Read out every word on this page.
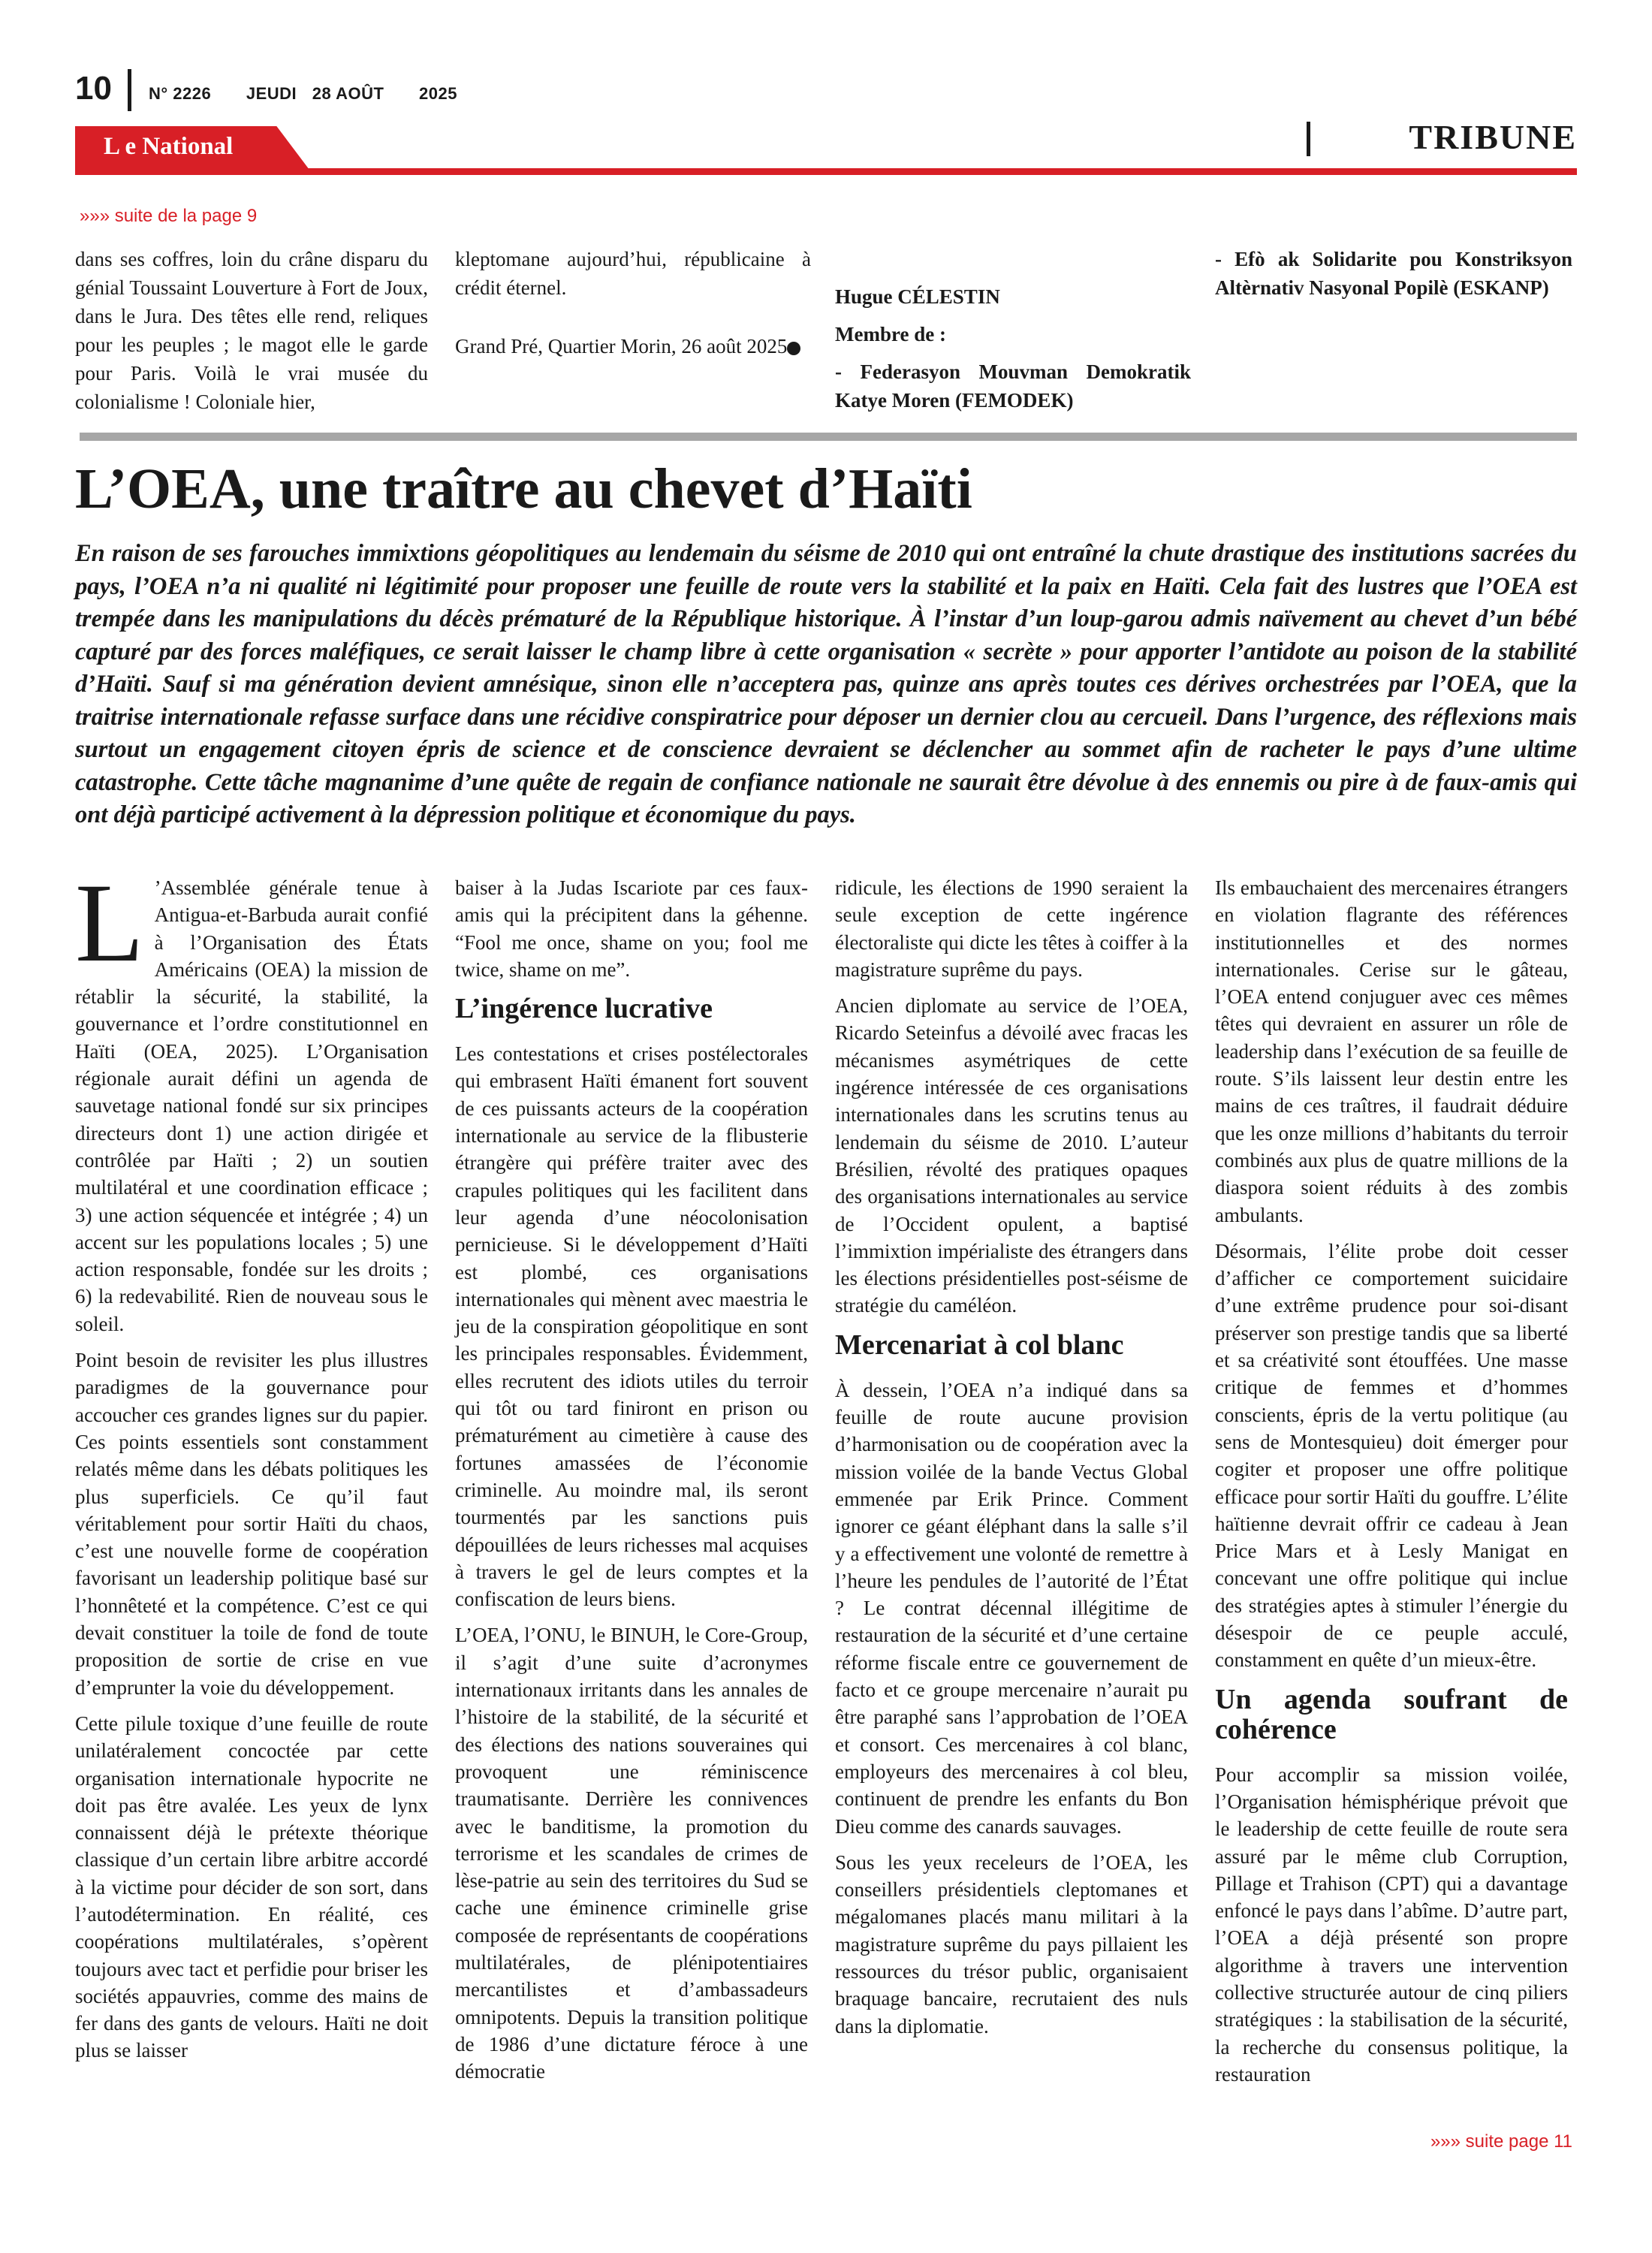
10 N° 2226 JEUDI 28 AOÛT 2025
L e National	TRIBUNE
»»» suite de la page 9

dans ses coffres, loin du crâne disparu du génial Toussaint Louverture à Fort de Joux, dans le Jura. Des têtes elle rend, reliques pour les peuples ; le magot elle le garde pour Paris. Voilà le vrai musée du colonialisme ! Coloniale hier,

kleptomane aujourd’hui, républicaine à crédit éternel.

Grand Pré, Quartier Morin, 26 août 2025

Hugue CÉLESTIN
Membre de :
- Federasyon Mouvman Demokratik Katye Moren (FEMODEK)
- Efò ak Solidarite pou Konstriksyon Altèrnativ Nasyonal Popilè (ESKANP)
L’OEA, une traître au chevet d’Haïti
En raison de ses farouches immixtions géopolitiques au lendemain du séisme de 2010 qui ont entraîné la chute drastique des institutions sacrées du pays, l’OEA n’a ni qualité ni légitimité pour proposer une feuille de route vers la stabilité et la paix en Haïti. Cela fait des lustres que l’OEA est trempée dans les manipulations du décès prématuré de la République historique. À l’instar d’un loup-garou admis naïvement au chevet d’un bébé capturé par des forces maléfiques, ce serait laisser le champ libre à cette organisation « secrète » pour apporter l’antidote au poison de la stabilité d’Haïti. Sauf si ma génération devient amnésique, sinon elle n’acceptera pas, quinze ans après toutes ces dérives orchestrées par l’OEA, que la traitrise internationale refasse surface dans une récidive conspiratrice pour déposer un dernier clou au cercueil. Dans l’urgence, des réflexions mais surtout un engagement citoyen épris de science et de conscience devraient se déclencher au sommet afin de racheter le pays d’une ultime catastrophe. Cette tâche magnanime d’une quête de regain de confiance nationale ne saurait être dévolue à des ennemis ou pire à de faux-amis qui ont déjà participé activement à la dépression politique et économique du pays.

L ’Assemblée générale tenue à Antigua-et-Barbuda aurait confié à l’Organisation des États Américains (OEA) la mission de rétablir la sécurité, la stabilité, la gouvernance et l’ordre constitutionnel en Haïti (OEA, 2025). L’Organisation régionale aurait défini un agenda de sauvetage national fondé sur six principes directeurs dont 1) une action dirigée et contrôlée par Haïti ; 2) un soutien multilatéral et une coordination efficace ; 3) une action séquencée et intégrée ; 4) un accent sur les populations locales ; 5) une action responsable, fondée sur les droits ; 6) la redevabilité. Rien de nouveau sous le soleil.

Point besoin de revisiter les plus illustres paradigmes de la gouvernance pour accoucher ces grandes lignes sur du papier. Ces points essentiels sont constamment relatés même dans les débats politiques les plus superficiels. Ce qu’il faut véritablement pour sortir Haïti du chaos, c’est une nouvelle forme de coopération favorisant un leadership politique basé sur l’honnêteté et la compétence. C’est ce qui devait constituer la toile de fond de toute proposition de sortie de crise en vue d’emprunter la voie du développement.

Cette pilule toxique d’une feuille de route unilatéralement concoctée par cette organisation internationale hypocrite ne doit pas être avalée. Les yeux de lynx connaissent déjà le prétexte théorique classique d’un certain libre arbitre accordé à la victime pour décider de son sort, dans l’autodétermination. En réalité, ces coopérations multilatérales, s’opèrent toujours avec tact et perfidie pour briser les sociétés appauvries, comme des mains de fer dans des gants de velours. Haïti ne doit plus se laisser

baiser à la Judas Iscariote par ces faux-amis qui la précipitent dans la géhenne. “Fool me once, shame on you; fool me twice, shame on me”.

L’ingérence lucrative

Les contestations et crises postélectorales qui embrasent Haïti émanent fort souvent de ces puissants acteurs de la coopération internationale au service de la flibusterie étrangère qui préfère traiter avec des crapules politiques qui les facilitent dans leur agenda d’une néocolonisation pernicieuse. Si le développement d’Haïti est plombé, ces organisations internationales qui mènent avec maestria le jeu de la conspiration géopolitique en sont les principales responsables. Évidemment, elles recrutent des idiots utiles du terroir qui tôt ou tard finiront en prison ou prématurément au cimetière à cause des fortunes amassées de l’économie criminelle. Au moindre mal, ils seront tourmentés par les sanctions puis dépouillées de leurs richesses mal acquises à travers le gel de leurs comptes et la confiscation de leurs biens.

L’OEA, l’ONU, le BINUH, le Core-Group, il s’agit d’une suite d’acronymes internationaux irritants dans les annales de l’histoire de la stabilité, de la sécurité et des élections des nations souveraines qui provoquent une réminiscence traumatisante. Derrière les connivences avec le banditisme, la promotion du terrorisme et les scandales de crimes de lèse-patrie au sein des territoires du Sud se cache une éminence criminelle grise composée de représentants de coopérations multilatérales, de plénipotentiaires mercantilistes et d’ambassadeurs omnipotents. Depuis la transition politique de 1986 d’une dictature féroce à une démocratie

ridicule, les élections de 1990 seraient la seule exception de cette ingérence électoraliste qui dicte les têtes à coiffer à la magistrature suprême du pays.

Ancien diplomate au service de l’OEA, Ricardo Seteinfus a dévoilé avec fracas les mécanismes asymétriques de cette ingérence intéressée de ces organisations internationales dans les scrutins tenus au lendemain du séisme de 2010. L’auteur Brésilien, révolté des pratiques opaques des organisations internationales au service de l’Occident opulent, a baptisé l’immixtion impérialiste des étrangers dans les élections présidentielles post-séisme de stratégie du caméléon.

Mercenariat à col blanc

À dessein, l’OEA n’a indiqué dans sa feuille de route aucune provision d’harmonisation ou de coopération avec la mission voilée de la bande Vectus Global emmenée par Erik Prince. Comment ignorer ce géant éléphant dans la salle s’il y a effectivement une volonté de remettre à l’heure les pendules de l’autorité de l’État ? Le contrat décennal illégitime de restauration de la sécurité et d’une certaine réforme fiscale entre ce gouvernement de facto et ce groupe mercenaire n’aurait pu être paraphé sans l’approbation de l’OEA et consort. Ces mercenaires à col blanc, employeurs des mercenaires à col bleu, continuent de prendre les enfants du Bon Dieu comme des canards sauvages.

Sous les yeux receleurs de l’OEA, les conseillers présidentiels cleptomanes et mégalomanes placés manu militari à la magistrature suprême du pays pillaient les ressources du trésor public, organisaient braquage bancaire, recrutaient des nuls dans la diplomatie.

Ils embauchaient des mercenaires étrangers en violation flagrante des références institutionnelles et des normes internationales. Cerise sur le gâteau, l’OEA entend conjuguer avec ces mêmes têtes qui devraient en assurer un rôle de leadership dans l’exécution de sa feuille de route. S’ils laissent leur destin entre les mains de ces traîtres, il faudrait déduire que les onze millions d’habitants du terroir combinés aux plus de quatre millions de la diaspora soient réduits à des zombis ambulants.

Désormais, l’élite probe doit cesser d’afficher ce comportement suicidaire d’une extrême prudence pour soi-disant préserver son prestige tandis que sa liberté et sa créativité sont étouffées. Une masse critique de femmes et d’hommes conscients, épris de la vertu politique (au sens de Montesquieu) doit émerger pour cogiter et proposer une offre politique efficace pour sortir Haïti du gouffre. L’élite haïtienne devrait offrir ce cadeau à Jean Price Mars et à Lesly Manigat en concevant une offre politique qui inclue des stratégies aptes à stimuler l’énergie du désespoir de ce peuple acculé, constamment en quête d’un mieux-être.

Un agenda soufrant de cohérence

Pour accomplir sa mission voilée, l’Organisation hémisphérique prévoit que le leadership de cette feuille de route sera assuré par le même club Corruption, Pillage et Trahison (CPT) qui a davantage enfoncé le pays dans l’abîme. D’autre part, l’OEA a déjà présenté son propre algorithme à travers une intervention collective structurée autour de cinq piliers stratégiques : la stabilisation de la sécurité, la recherche du consensus politique, la restauration

»»» suite page 11
